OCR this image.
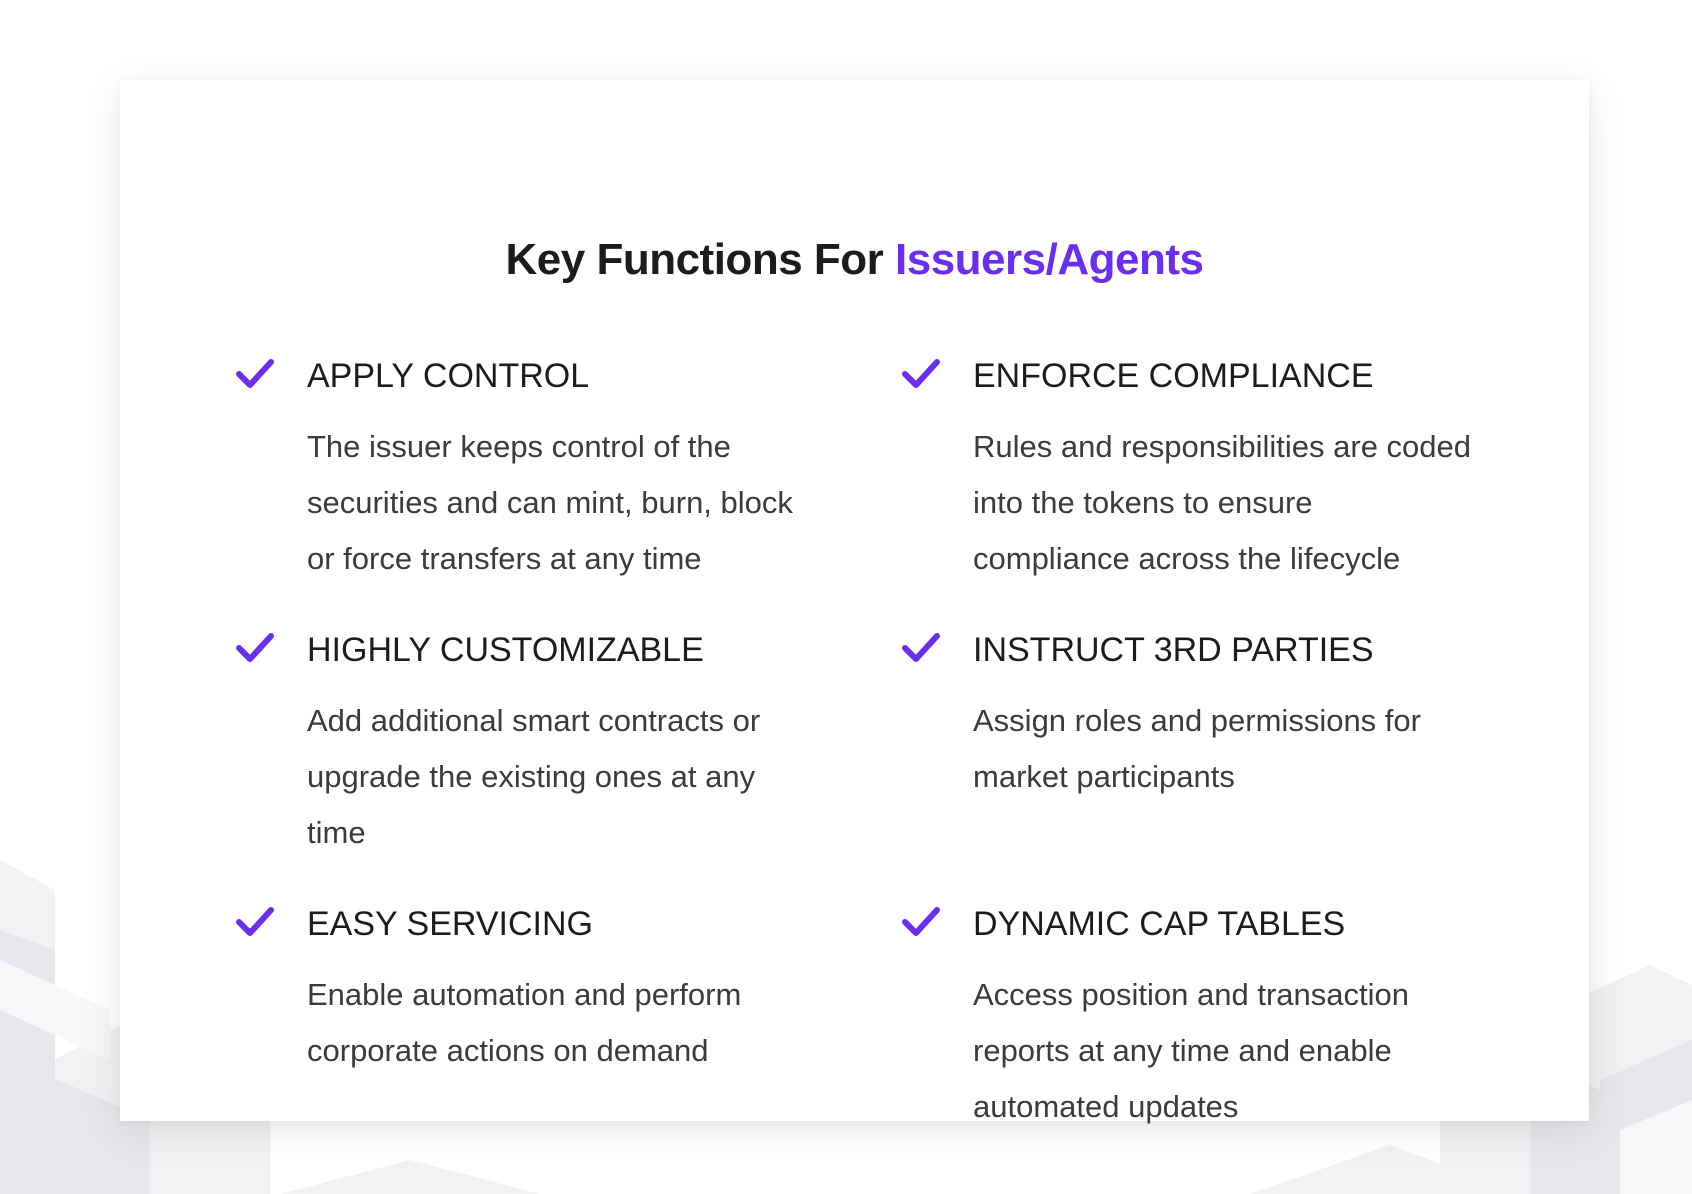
Key Functions For Issuers/Agents
APPLY CONTROL
The issuer keeps control of the securities and can mint, burn, block or force transfers at any time
ENFORCE COMPLIANCE
Rules and responsibilities are coded into the tokens to ensure compliance across the lifecycle
HIGHLY CUSTOMIZABLE
Add additional smart contracts or upgrade the existing ones at any time
INSTRUCT 3RD PARTIES
Assign roles and permissions for market participants
EASY SERVICING
Enable automation and perform corporate actions on demand
DYNAMIC CAP TABLES
Access position and transaction reports at any time and enable automated updates
